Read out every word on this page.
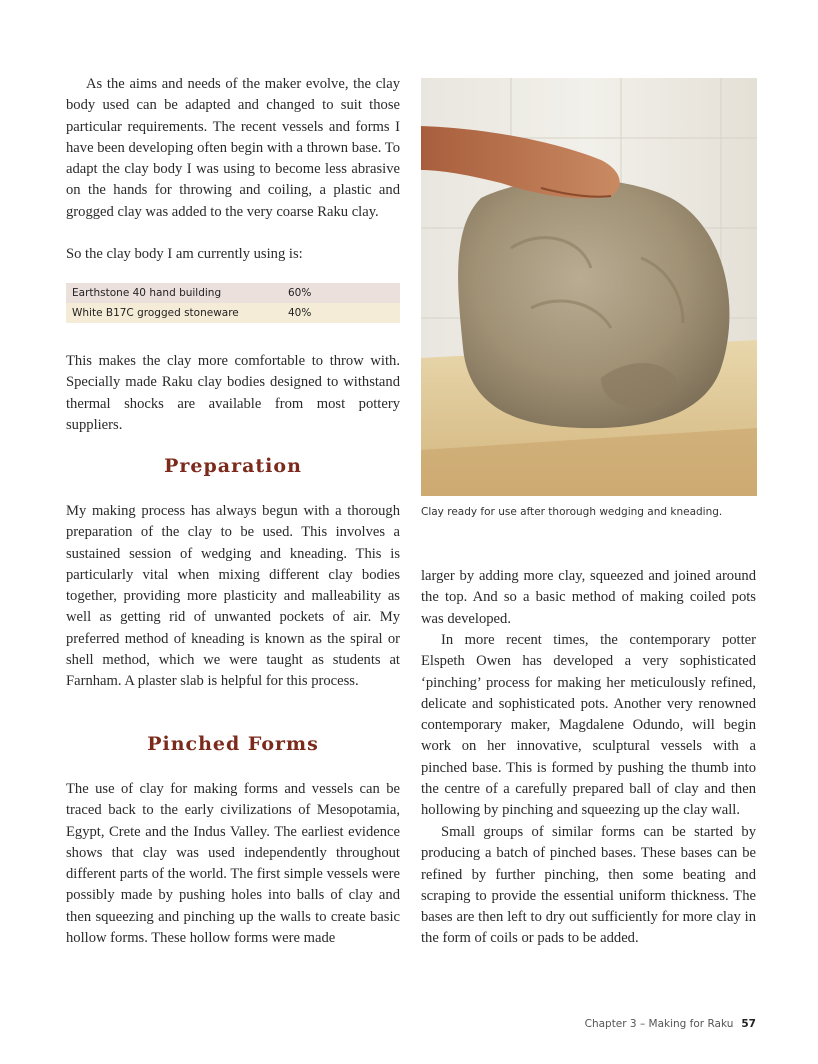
As the aims and needs of the maker evolve, the clay body used can be adapted and changed to suit those particular requirements. The recent vessels and forms I have been developing often begin with a thrown base. To adapt the clay body I was using to become less abrasive on the hands for throwing and coiling, a plastic and grogged clay was added to the very coarse Raku clay.

So the clay body I am currently using is:

Earthstone 40 hand building	60%
White B17C grogged stoneware	40%

This makes the clay more comfortable to throw with. Specially made Raku clay bodies designed to withstand thermal shocks are available from most pottery suppliers.

Preparation

My making process has always begun with a thorough preparation of the clay to be used. This involves a sustained session of wedging and kneading. This is particularly vital when mixing different clay bodies together, providing more plasticity and malleability as well as getting rid of unwanted pockets of air. My preferred method of kneading is known as the spiral or shell method, which we were taught as students at Farnham. A plaster slab is helpful for this process.

Pinched Forms

The use of clay for making forms and vessels can be traced back to the early civilizations of Mesopotamia, Egypt, Crete and the Indus Valley. The earliest evidence shows that clay was used independently throughout different parts of the world. The first simple vessels were possibly made by pushing holes into balls of clay and then squeezing and pinching up the walls to create basic hollow forms. These hollow forms were made

Clay ready for use after thorough wedging and kneading.

larger by adding more clay, squeezed and joined around the top. And so a basic method of making coiled pots was developed.

In more recent times, the contemporary potter Elspeth Owen has developed a very sophisticated ‘pinching’ process for making her meticulously refined, delicate and sophisticated pots. Another very renowned contemporary maker, Magdalene Odundo, will begin work on her innovative, sculptural vessels with a pinched base. This is formed by pushing the thumb into the centre of a carefully prepared ball of clay and then hollowing by pinching and squeezing up the clay wall.

Small groups of similar forms can be started by producing a batch of pinched bases. These bases can be refined by further pinching, then some beating and scraping to provide the essential uniform thickness. The bases are then left to dry out sufficiently for more clay in the form of coils or pads to be added.

Chapter 3 – Making for Raku 57
